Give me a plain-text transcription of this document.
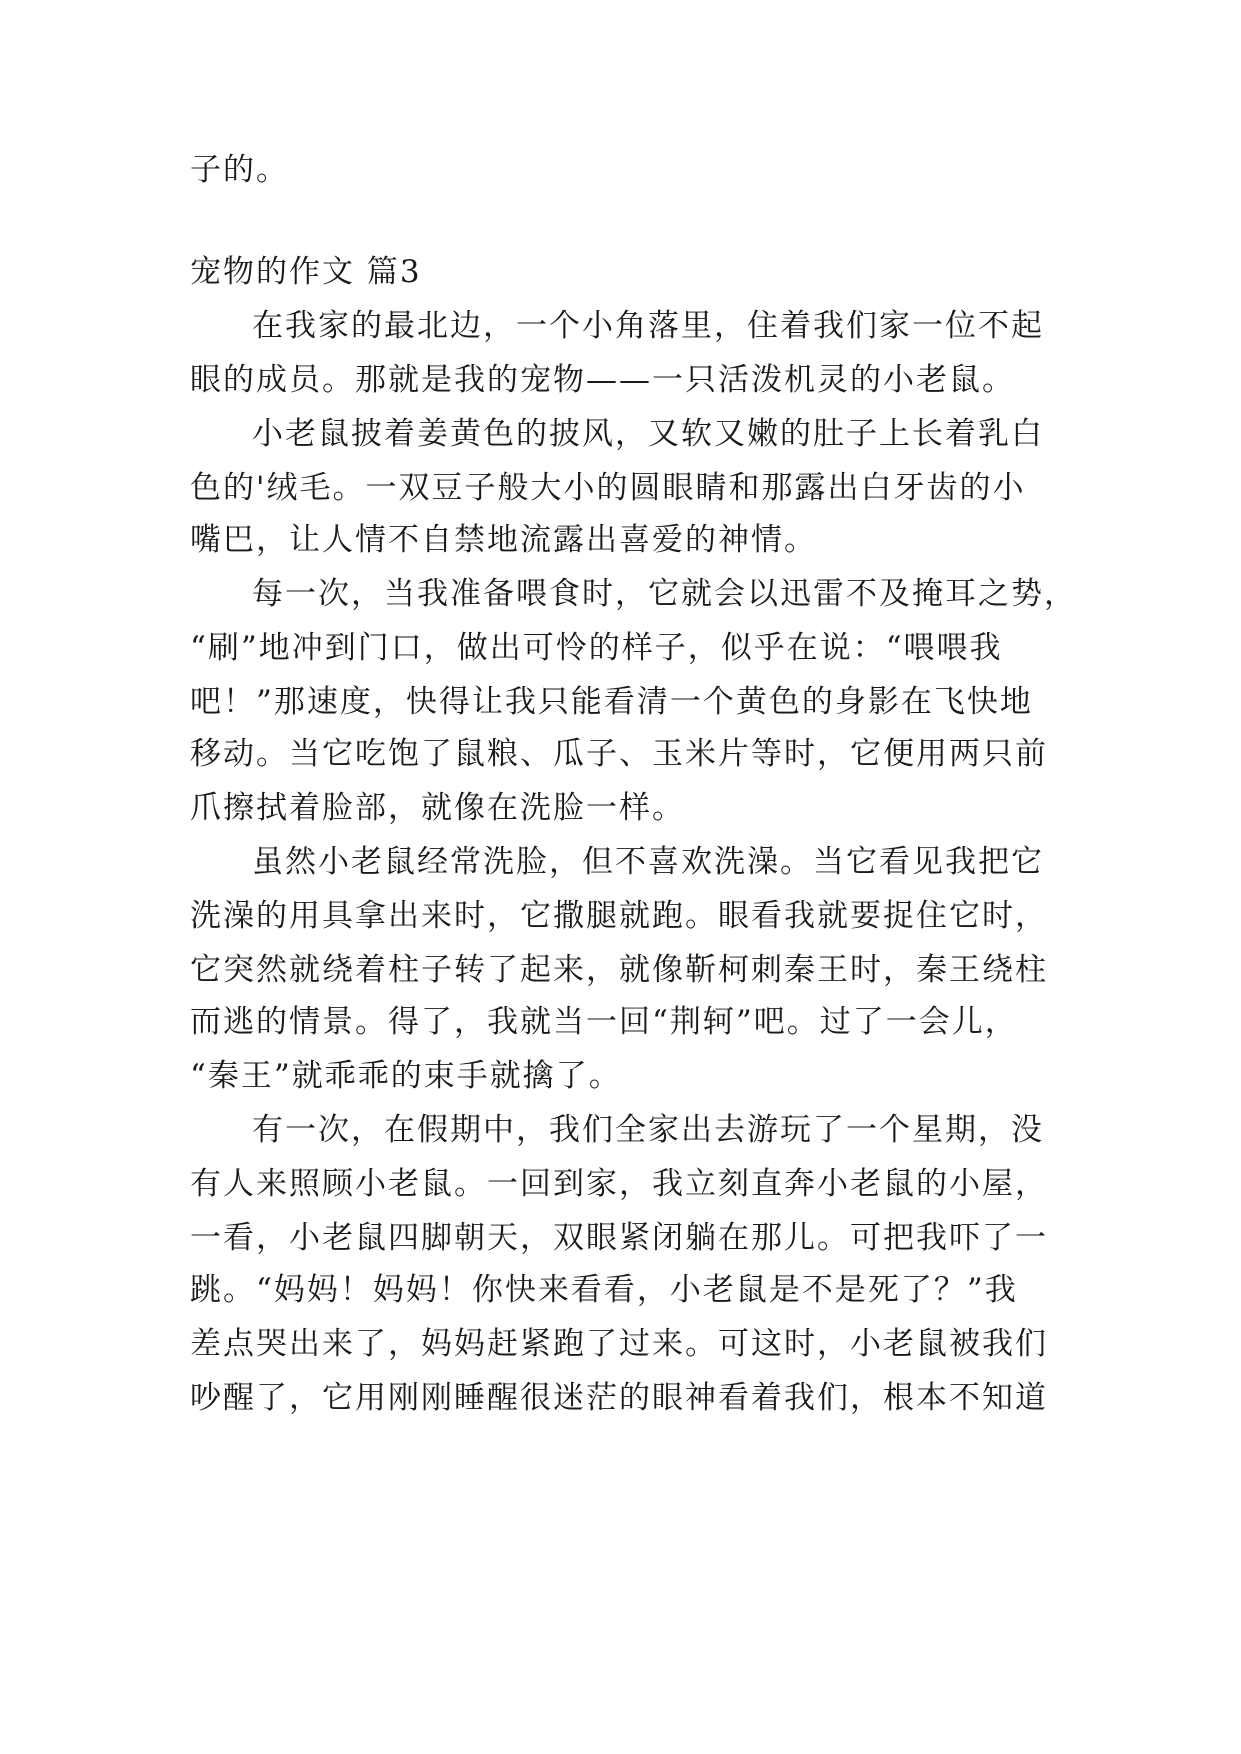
子的。
宠物的作文 篇3
在我家的最北边，一个小角落里，住着我们家一位不起
眼的成员。那就是我的宠物——一只活泼机灵的小老鼠。
小老鼠披着姜黄色的披风，又软又嫩的肚子上长着乳白
色的'绒毛。一双豆子般大小的圆眼睛和那露出白牙齿的小
嘴巴，让人情不自禁地流露出喜爱的神情。
每一次，当我准备喂食时，它就会以迅雷不及掩耳之势，
“刷”地冲到门口，做出可怜的样子，似乎在说：“喂喂我
吧！”那速度，快得让我只能看清一个黄色的身影在飞快地
移动。当它吃饱了鼠粮、瓜子、玉米片等时，它便用两只前
爪擦拭着脸部，就像在洗脸一样。
虽然小老鼠经常洗脸，但不喜欢洗澡。当它看见我把它
洗澡的用具拿出来时，它撒腿就跑。眼看我就要捉住它时，
它突然就绕着柱子转了起来，就像靳柯刺秦王时，秦王绕柱
而逃的情景。得了，我就当一回“荆轲”吧。过了一会儿，
“秦王”就乖乖的束手就擒了。
有一次，在假期中，我们全家出去游玩了一个星期，没
有人来照顾小老鼠。一回到家，我立刻直奔小老鼠的小屋，
一看，小老鼠四脚朝天，双眼紧闭躺在那儿。可把我吓了一
跳。“妈妈！妈妈！你快来看看，小老鼠是不是死了？”我
差点哭出来了，妈妈赶紧跑了过来。可这时，小老鼠被我们
吵醒了，它用刚刚睡醒很迷茫的眼神看着我们，根本不知道
